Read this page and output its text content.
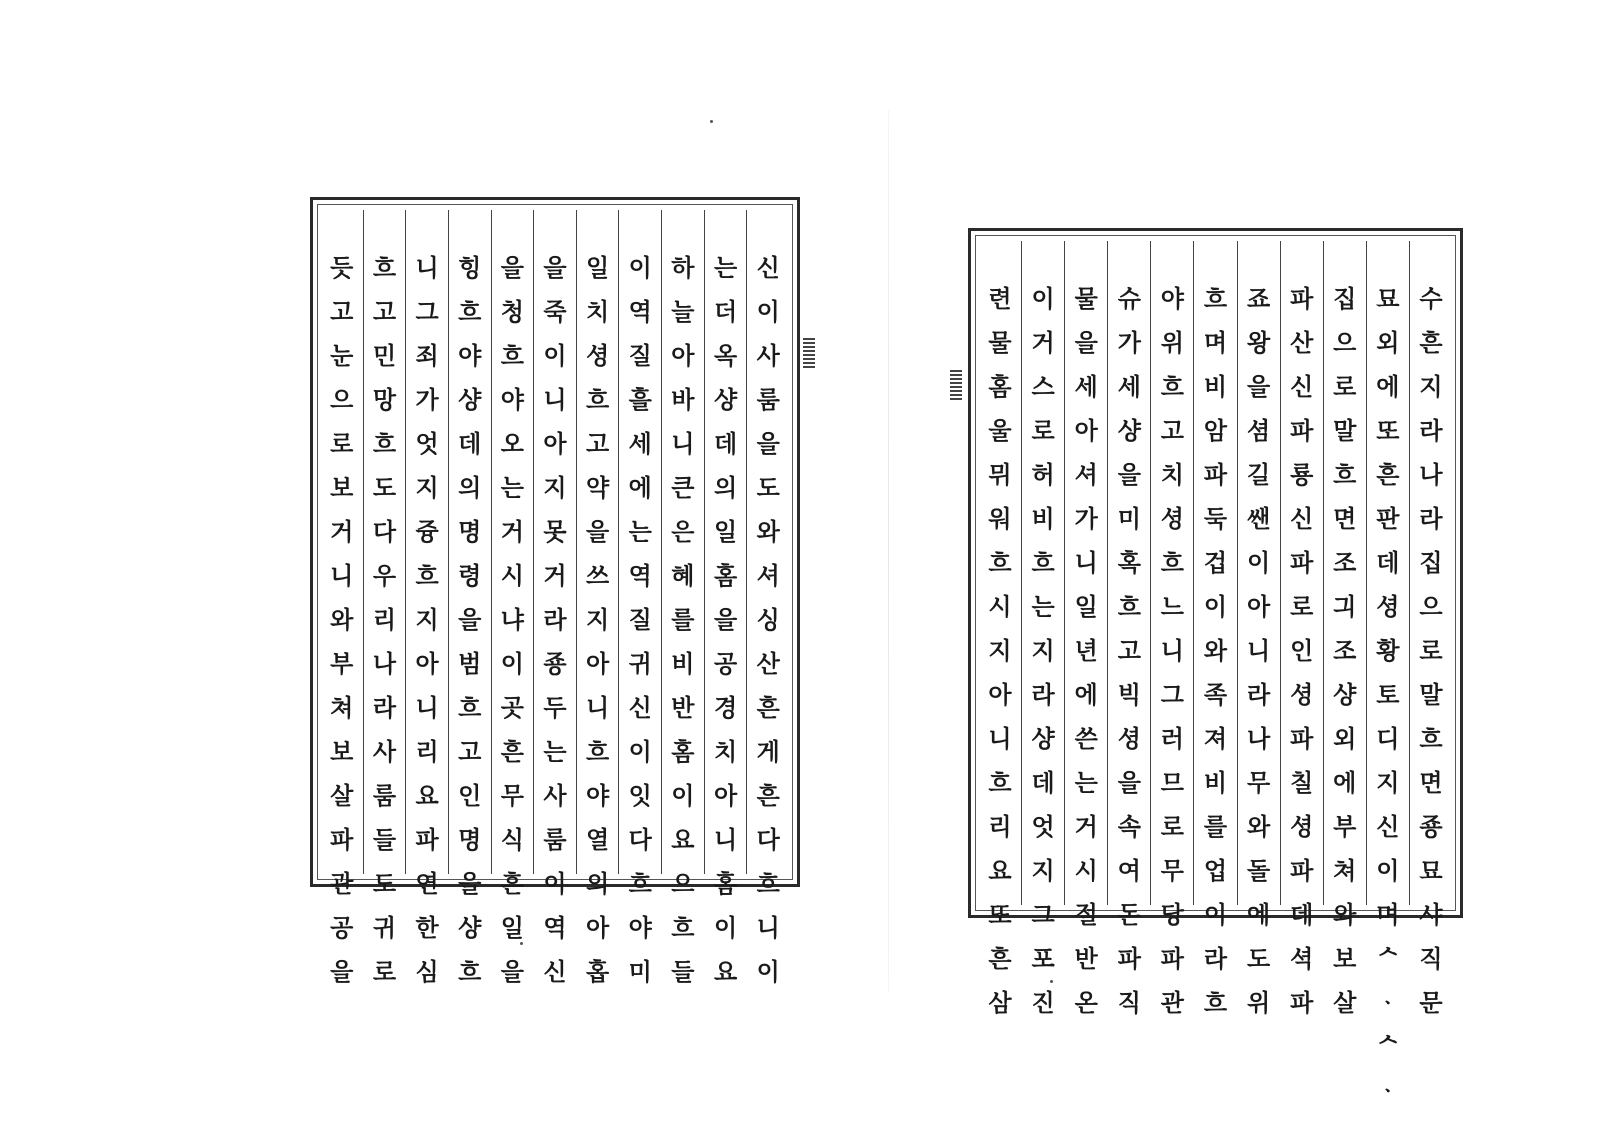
신
이
사
룸
을
도
와
셔
싱
산
흔
게
흔
다
흐
니
이
는
더
옥
샹
데
의
일
홈
을
공
경
치
아
니
홈
이
요
하
늘
아
바
니
큰
은
혜
를
비
반
홈
이
요
으
흐
들
이
역
질
흘
세
에
는
역
질
귀
신
이
잇
다
흐
야
미
일
치
셩
흐
고
약
을
쓰
지
아
니
흐
야
열
의
아
홉
을
죽
이
니
아
지
못
거
라
죵
두
는
사
룸
이
역
신
을
청
흐
야
오
는
거
시
냐
이
곳
흔
무
식
흔
일
을
힝
흐
야
샹
데
의
명
령
을
범
흐
고
인
명
을
샹
흐
니
그
죄
가
엇
지
즁
흐
지
아
니
리
요
파
연
한
심
흐
고
민
망
흐
도
다
우
리
나
라
사
룸
들
도
귀
로
듯
고
눈
으
로
보
거
니
와
부
쳐
보
살
파
관
공
을
수
흔
지
라
나
라
집
으
로
말
흐
면
죵
묘
샤
직
문
묘
외
에
또
흔
판
데
셩
황
토
디
지
신
이
며
ᄉ
ᆞ
ᄉ
ᆞ
집
으
로
말
흐
면
조
긔
조
샹
외
에
부
쳐
와
보
살
파
산
신
파
룡
신
파
로
인
셩
파
칠
셩
파
데
셕
파
죠
왕
을
셤
길
쌘
이
아
니
라
나
무
와
돌
에
도
위
흐
며
비
암
파
둑
겁
이
와
족
져
비
를
업
이
라
흐
야
위
흐
고
치
셩
흐
느
니
그
러
므
로
무
당
파
관
슈
가
세
샹
을
미
혹
흐
고
빅
셩
을
속
여
돈
파
직
물
을
세
아
셔
가
니
일
년
에
쓴
는
거
시
절
반
온
이
거
스
로
허
비
흐
는
지
라
샹
데
엇
지
그
포
진
련
물
홈
울
뮈
워
흐
시
지
아
니
흐
리
요
또
흔
삼
